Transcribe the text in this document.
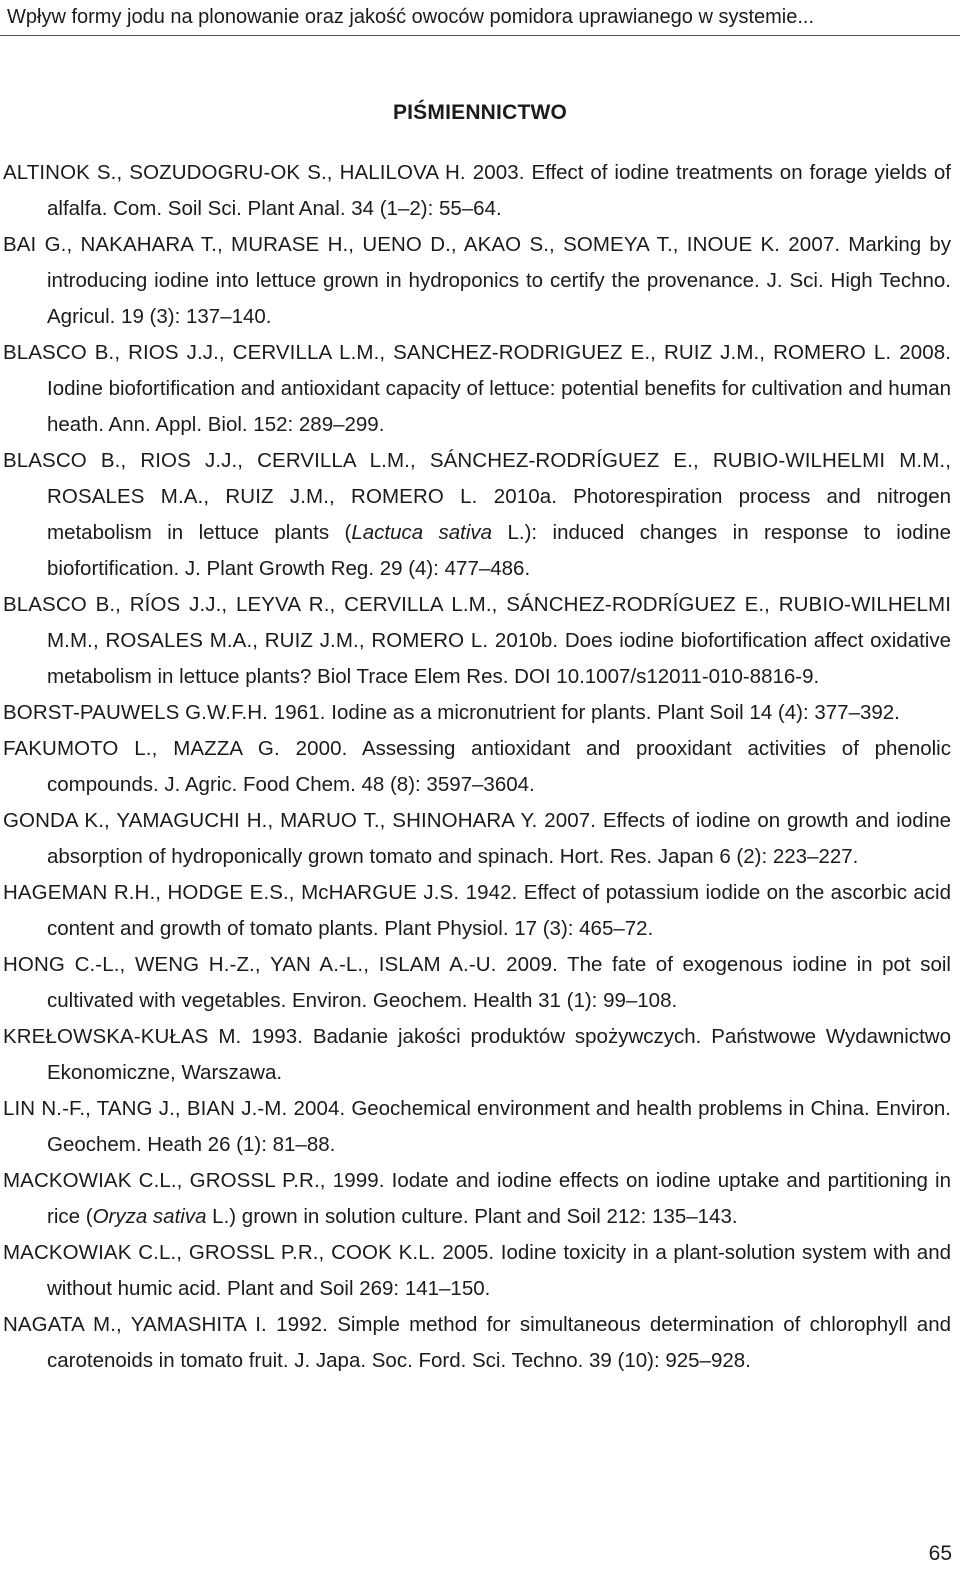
Wpływ formy jodu na plonowanie oraz jakość owoców pomidora uprawianego w systemie...
PIŚMIENNICTWO
ALTINOK S., SOZUDOGRU-OK S., HALILOVA H. 2003. Effect of iodine treatments on forage yields of alfalfa. Com. Soil Sci. Plant Anal. 34 (1–2): 55–64.
BAI G., NAKAHARA T., MURASE H., UENO D., AKAO S., SOMEYA T., INOUE K. 2007. Marking by introducing iodine into lettuce grown in hydroponics to certify the provenance. J. Sci. High Techno. Agricul. 19 (3): 137–140.
BLASCO B., RIOS J.J., CERVILLA L.M., SANCHEZ-RODRIGUEZ E., RUIZ J.M., ROMERO L. 2008. Iodine biofortification and antioxidant capacity of lettuce: potential benefits for cultivation and human heath. Ann. Appl. Biol. 152: 289–299.
BLASCO B., RIOS J.J., CERVILLA L.M., SÁNCHEZ-RODRÍGUEZ E., RUBIO-WILHELMI M.M., ROSALES M.A., RUIZ J.M., ROMERO L. 2010a. Photorespiration process and nitrogen metabolism in lettuce plants (Lactuca sativa L.): induced changes in response to iodine biofortification. J. Plant Growth Reg. 29 (4): 477–486.
BLASCO B., RÍOS J.J., LEYVA R., CERVILLA L.M., SÁNCHEZ-RODRÍGUEZ E., RUBIO-WILHELMI M.M., ROSALES M.A., RUIZ J.M., ROMERO L. 2010b. Does iodine biofortification affect oxidative metabolism in lettuce plants? Biol Trace Elem Res. DOI 10.1007/s12011-010-8816-9.
BORST-PAUWELS G.W.F.H. 1961. Iodine as a micronutrient for plants. Plant Soil 14 (4): 377–392.
FAKUMOTO L., MAZZA G. 2000. Assessing antioxidant and prooxidant activities of phenolic compounds. J. Agric. Food Chem. 48 (8): 3597–3604.
GONDA K., YAMAGUCHI H., MARUO T., SHINOHARA Y. 2007. Effects of iodine on growth and iodine absorption of hydroponically grown tomato and spinach. Hort. Res. Japan 6 (2): 223–227.
HAGEMAN R.H., HODGE E.S., McHARGUE J.S. 1942. Effect of potassium iodide on the ascorbic acid content and growth of tomato plants. Plant Physiol. 17 (3): 465–72.
HONG C.-L., WENG H.-Z., YAN A.-L., ISLAM A.-U. 2009. The fate of exogenous iodine in pot soil cultivated with vegetables. Environ. Geochem. Health 31 (1): 99–108.
KREŁOWSKA-KUŁAS M. 1993. Badanie jakości produktów spożywczych. Państwowe Wydawnictwo Ekonomiczne, Warszawa.
LIN N.-F., TANG J., BIAN J.-M. 2004. Geochemical environment and health problems in China. Environ. Geochem. Heath 26 (1): 81–88.
MACKOWIAK C.L., GROSSL P.R., 1999. Iodate and iodine effects on iodine uptake and partitioning in rice (Oryza sativa L.) grown in solution culture. Plant and Soil 212: 135–143.
MACKOWIAK C.L., GROSSL P.R., COOK K.L. 2005. Iodine toxicity in a plant-solution system with and without humic acid. Plant and Soil 269: 141–150.
NAGATA M., YAMASHITA I. 1992. Simple method for simultaneous determination of chlorophyll and carotenoids in tomato fruit. J. Japa. Soc. Ford. Sci. Techno. 39 (10): 925–928.
65
